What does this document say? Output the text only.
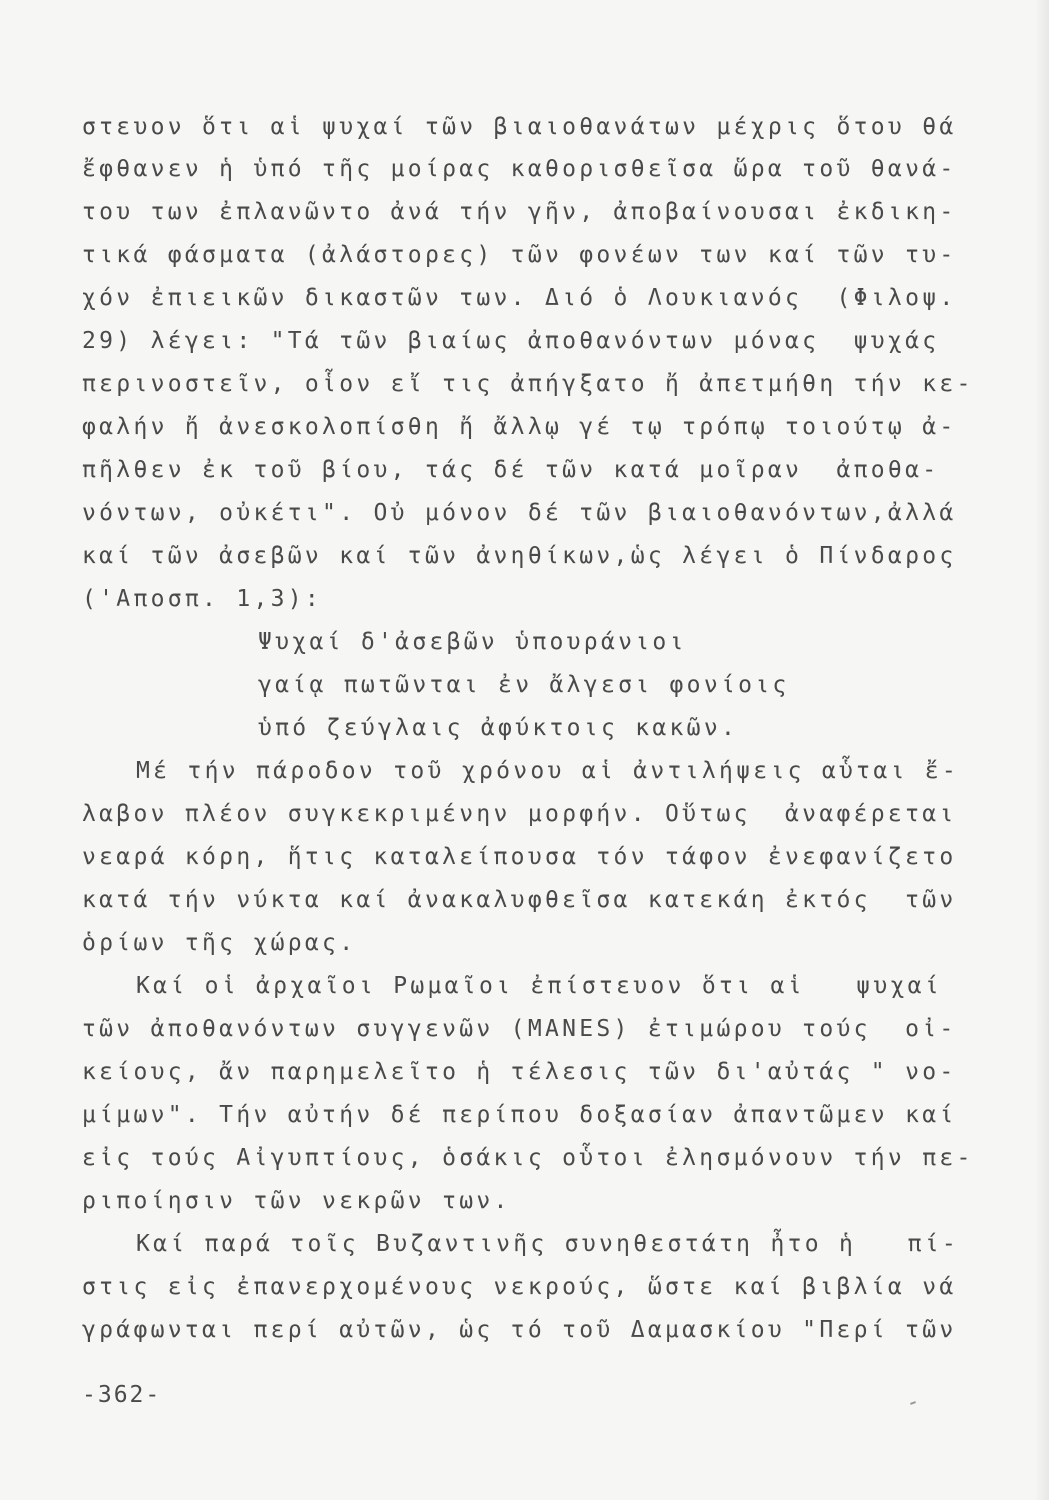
στευον ὅτι αἱ ψυχαί τῶν βιαιοθανάτων μέχρις ὅτου θά
ἔφθανεν ἡ ὑπό τῆς μοίρας καθορισθεῖσα ὥρα τοῦ θανά-
του των ἐπλανῶντο ἀνά τήν γῆν, ἀποβαίνουσαι ἐκδικη-
τικά φάσματα (ἀλάστορες) τῶν φονέων των καί τῶν τυ-
χόν ἐπιεικῶν δικαστῶν των. Διό ὁ Λουκιανός  (Φιλοψ.
29) λέγει: "Τά τῶν βιαίως ἀποθανόντων μόνας  ψυχάς
περινοστεῖν, οἷον εἴ τις ἀπήγξατο ἤ ἀπετμήθη τήν κε-
φαλήν ἤ ἀνεσκολοπίσθη ἤ ἄλλῳ γέ τῳ τρόπῳ τοιούτῳ ἀ-
πῆλθεν ἐκ τοῦ βίου, τάς δέ τῶν κατά μοῖραν  ἀποθα-
νόντων, οὐκέτι". Οὐ μόνον δέ τῶν βιαιοθανόντων,ἀλλά
καί τῶν ἀσεβῶν καί τῶν ἀνηθίκων,ὡς λέγει ὁ Πίνδαρος
('Αποσπ. 1,3):
Ψυχαί δ'ἀσεβῶν ὑπουράνιοι
γαίᾳ πωτῶνται ἐν ἄλγεσι φονίοις
ὑπό ζεύγλαις ἀφύκτοις κακῶν.
Μέ τήν πάροδον τοῦ χρόνου αἱ ἀντιλήψεις αὗται ἔ-
λαβον πλέον συγκεκριμένην μορφήν. Οὕτως  ἀναφέρεται
νεαρά κόρη, ἥτις καταλείπουσα τόν τάφον ἐνεφανίζετο
κατά τήν νύκτα καί ἀνακαλυφθεῖσα κατεκάη ἐκτός  τῶν
ὁρίων τῆς χώρας.
Καί οἱ ἀρχαῖοι Ρωμαῖοι ἐπίστευον ὅτι αἱ   ψυχαί
τῶν ἀποθανόντων συγγενῶν (MANES) ἐτιμώρου τούς  οἰ-
κείους, ἄν παρημελεῖτο ἡ τέλεσις τῶν δι'αὐτάς " νο-
μίμων". Τήν αὐτήν δέ περίπου δοξασίαν ἀπαντῶμεν καί
εἰς τούς Αἰγυπτίους, ὁσάκις οὗτοι ἐλησμόνουν τήν πε-
ριποίησιν τῶν νεκρῶν των.
Καί παρά τοῖς Βυζαντινῆς συνηθεστάτη ἦτο ἡ   πί-
στις εἰς ἐπανερχομένους νεκρούς, ὥστε καί βιβλία νά
γράφωνται περί αὐτῶν, ὡς τό τοῦ Δαμασκίου "Περί τῶν
-362-
